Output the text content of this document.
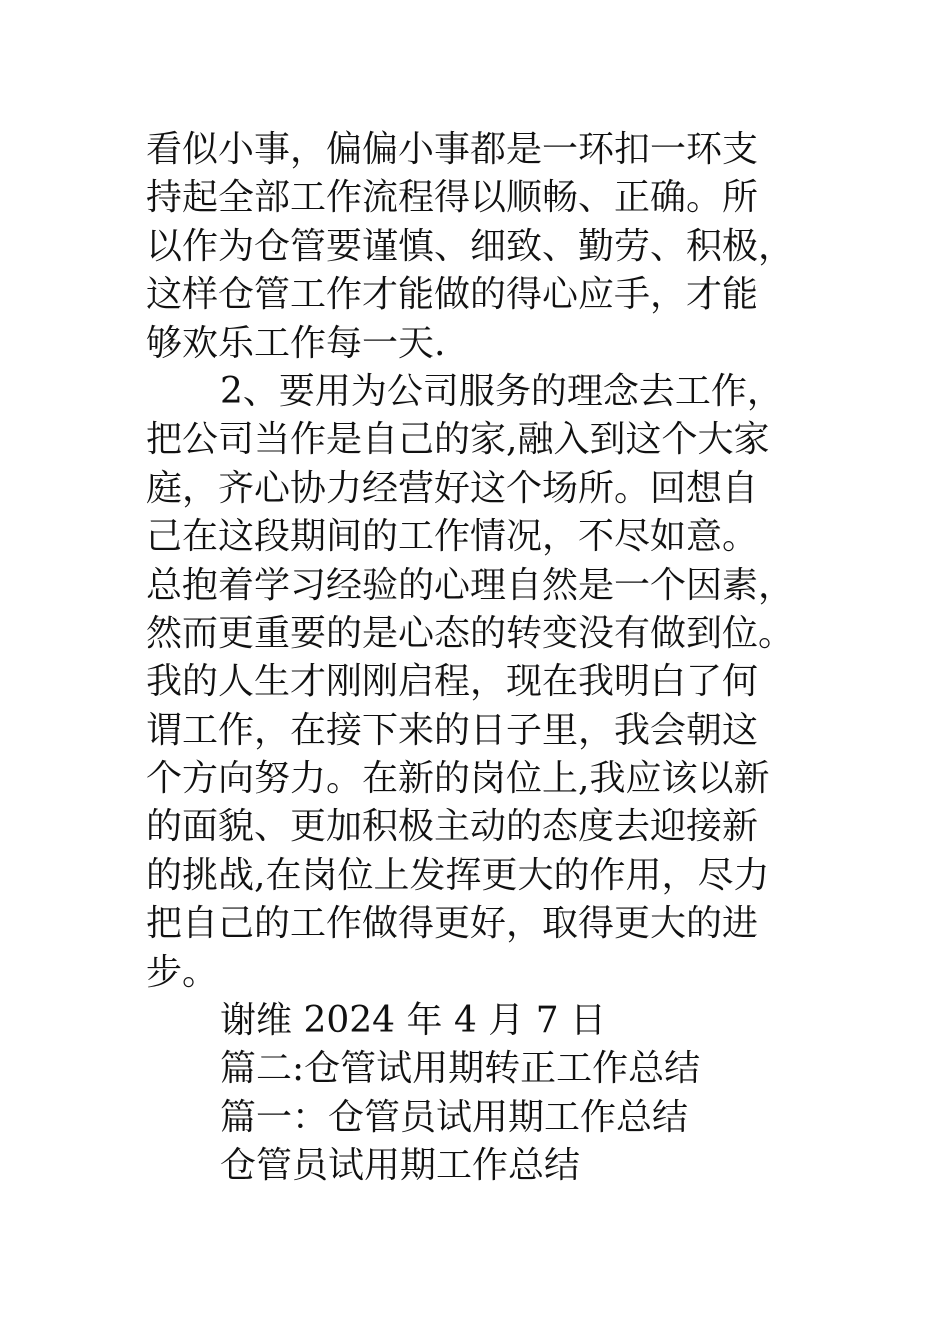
看似小事，偏偏小事都是一环扣一环支
持起全部工作流程得以顺畅、正确。所
以作为仓管要谨慎、细致、勤劳、积极，
这样仓管工作才能做的得心应手，才能
够欢乐工作每一天.
2、要用为公司服务的理念去工作，
把公司当作是自己的家,融入到这个大家
庭，齐心协力经营好这个场所。回想自
己在这段期间的工作情况，不尽如意。
总抱着学习经验的心理自然是一个因素，
然而更重要的是心态的转变没有做到位。
我的人生才刚刚启程，现在我明白了何
谓工作，在接下来的日子里，我会朝这
个方向努力。在新的岗位上,我应该以新
的面貌、更加积极主动的态度去迎接新
的挑战,在岗位上发挥更大的作用，尽力
把自己的工作做得更好，取得更大的进
步。
谢维 2024 年 4 月 7 日
篇二:仓管试用期转正工作总结
篇一：仓管员试用期工作总结
仓管员试用期工作总结
